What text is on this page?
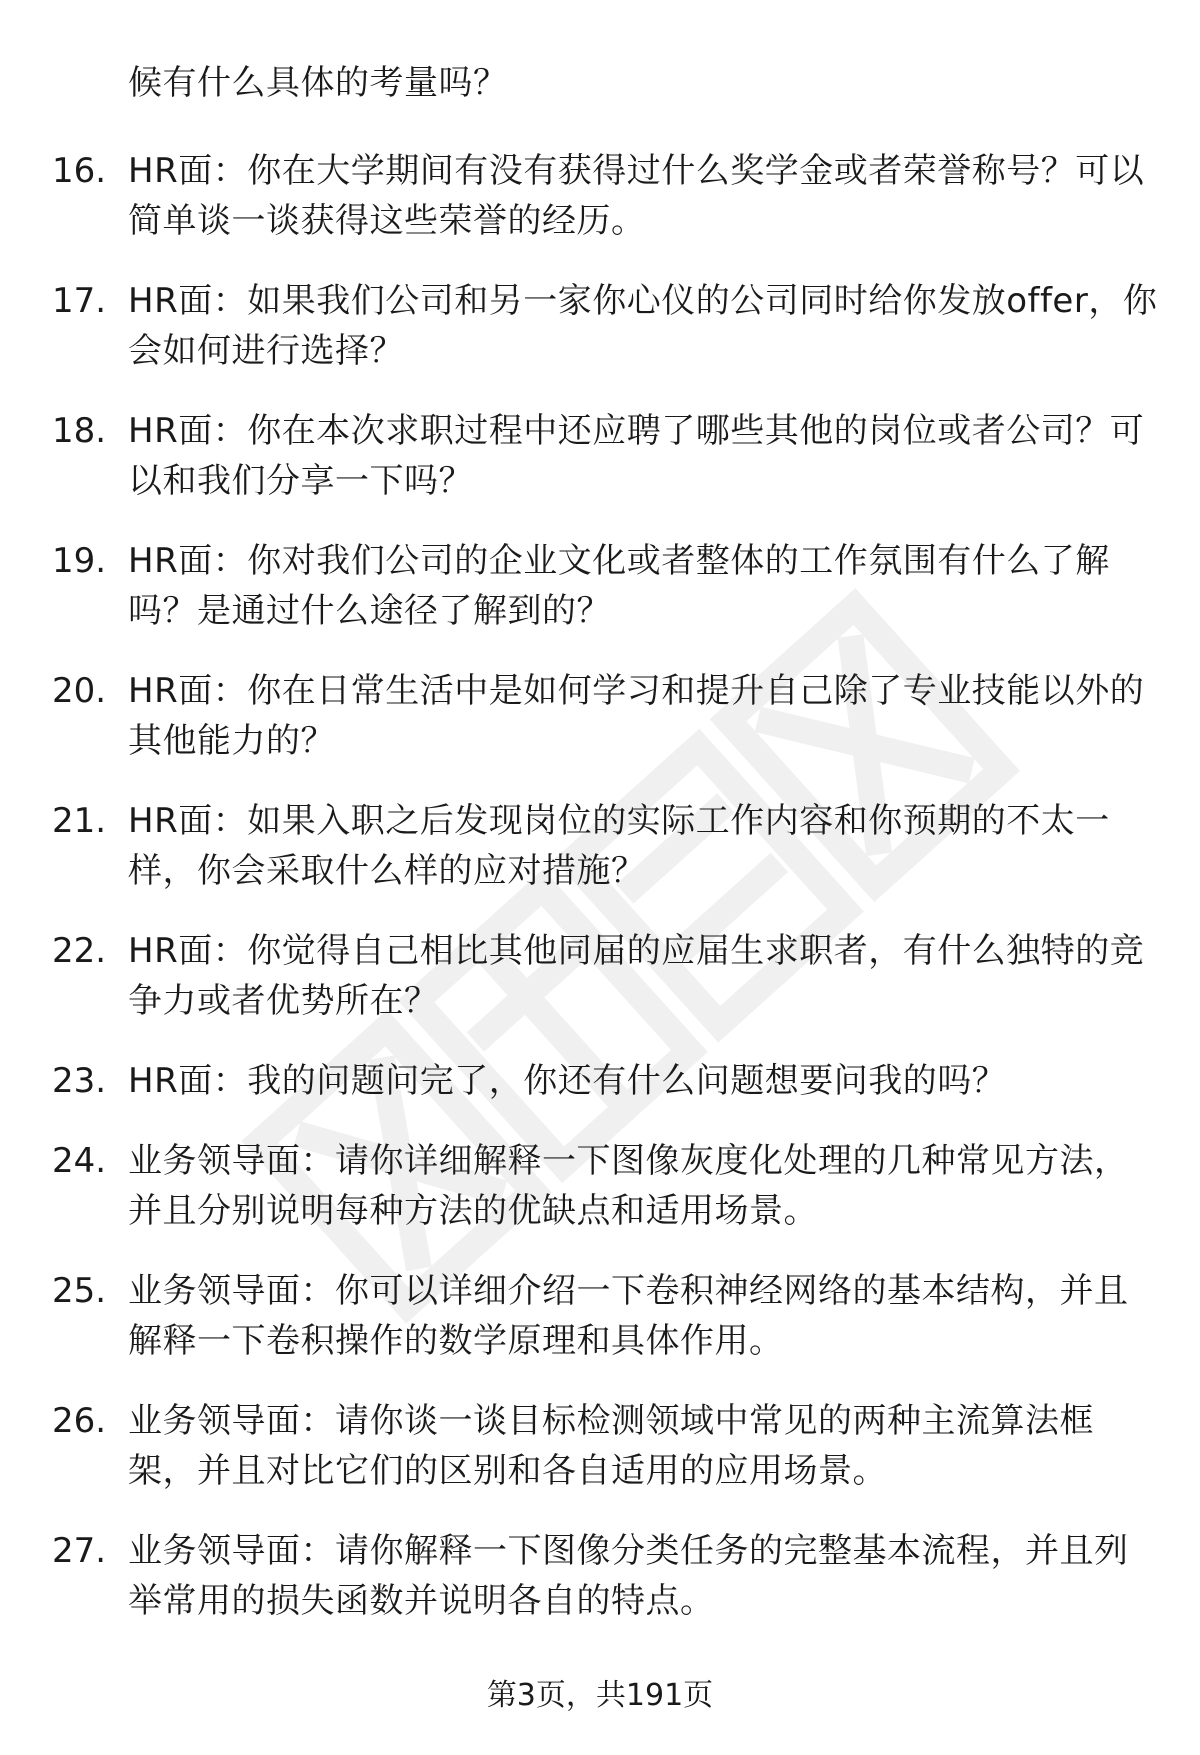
候有什么具体的考量吗？
16. HR面：你在大学期间有没有获得过什么奖学金或者荣誉称号？可以简单谈一谈获得这些荣誉的经历。
17. HR面：如果我们公司和另一家你心仪的公司同时给你发放offer，你会如何进行选择？
18. HR面：你在本次求职过程中还应聘了哪些其他的岗位或者公司？可以和我们分享一下吗？
19. HR面：你对我们公司的企业文化或者整体的工作氛围有什么了解吗？是通过什么途径了解到的？
20. HR面：你在日常生活中是如何学习和提升自己除了专业技能以外的其他能力的？
21. HR面：如果入职之后发现岗位的实际工作内容和你预期的不太一样，你会采取什么样的应对措施？
22. HR面：你觉得自己相比其他同届的应届生求职者，有什么独特的竞争力或者优势所在？
23. HR面：我的问题问完了，你还有什么问题想要问我的吗？
24. 业务领导面：请你详细解释一下图像灰度化处理的几种常见方法，并且分别说明每种方法的优缺点和适用场景。
25. 业务领导面：你可以详细介绍一下卷积神经网络的基本结构，并且解释一下卷积操作的数学原理和具体作用。
26. 业务领导面：请你谈一谈目标检测领域中常见的两种主流算法框架，并且对比它们的区别和各自适用的应用场景。
27. 业务领导面：请你解释一下图像分类任务的完整基本流程，并且列举常用的损失函数并说明各自的特点。
第3页，共191页
